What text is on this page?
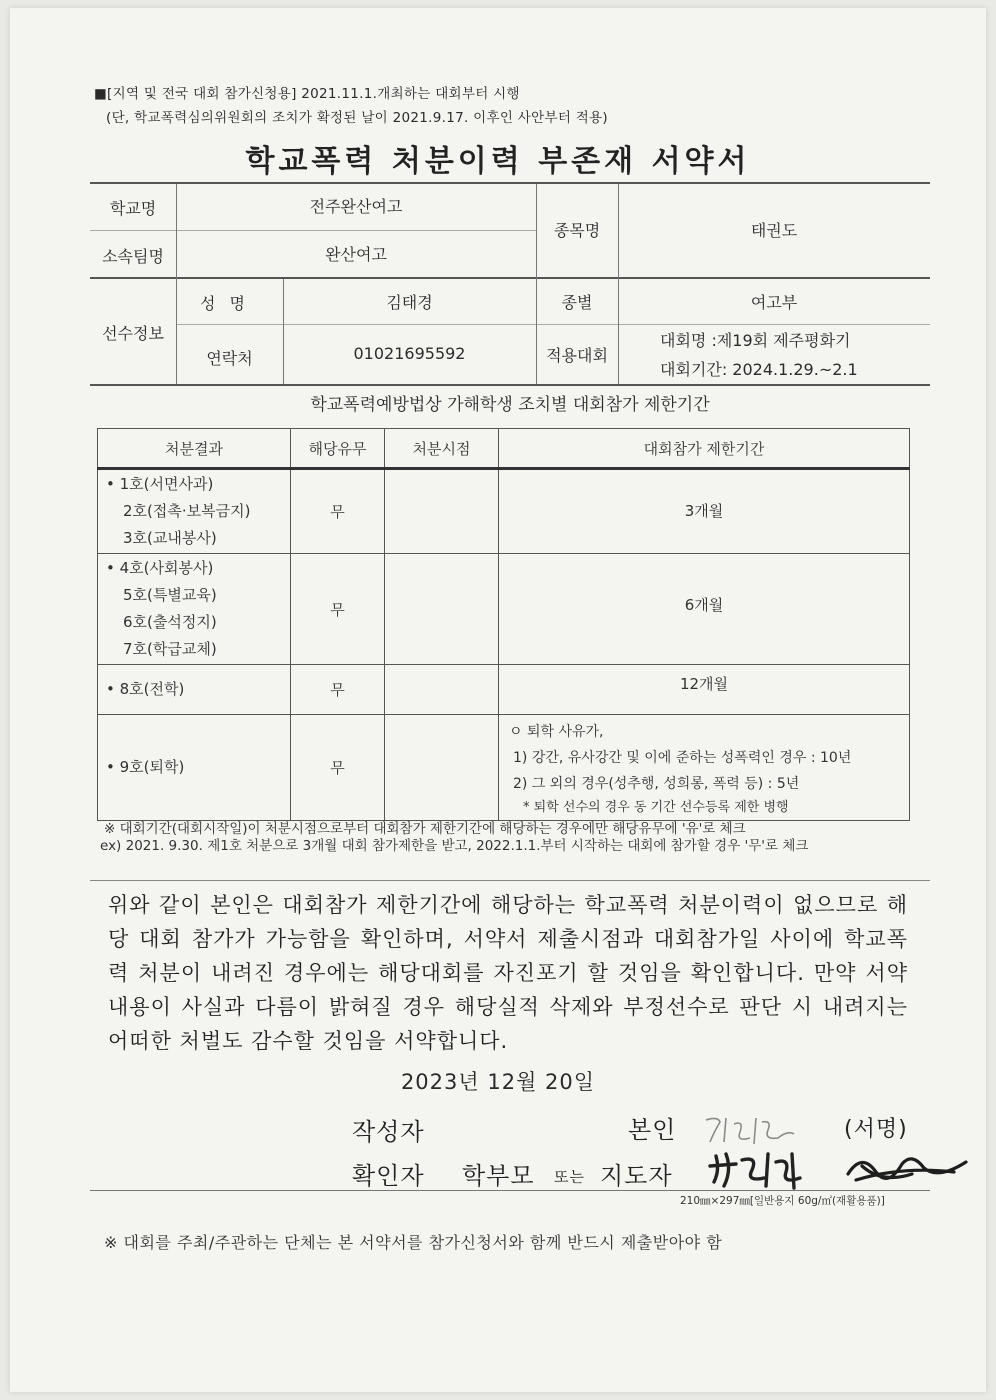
■[지역 및 전국 대회 참가신청용] 2021.11.1.개최하는 대회부터 시행
(단, 학교폭력심의위원회의 조치가 확정된 날이 2021.9.17. 이후인 사안부터 적용)
학교폭력 처분이력 부존재 서약서
학교명	전주완산여고
소속팀명	완산여고
종목명	태권도
선수정보
성명	김태경
연락처	01021695592
종별	여고부
적용대회
대회명 :제19회 제주평화기
대회기간: 2024.1.29.~2.1
학교폭력예방법상 가해학생 조치별 대회참가 제한기간
처분결과	해당유무	처분시점	대회참가 제한기간

• 1호(서면사과)
2호(접촉·보복금지)
3호(교내봉사)	무		3개월

• 4호(사회봉사)
5호(특별교육)
6호(출석정지)
7호(학급교체)	무		6개월

• 8호(전학)	무		12개월

• 9호(퇴학)	무		ㅇ 퇴학 사유가,
1) 강간, 유사강간 및 이에 준하는 성폭력인 경우 : 10년
2) 그 외의 경우(성추행, 성희롱, 폭력 등) : 5년
* 퇴학 선수의 경우 동 기간 선수등록 제한 병행
※ 대회기간(대회시작일)이 처분시점으로부터 대회참가 제한기간에 해당하는 경우에만 해당유무에 '유'로 체크
ex) 2021. 9.30. 제1호 처분으로 3개월 대회 참가제한을 받고, 2022.1.1.부터 시작하는 대회에 참가할 경우 '무'로 체크
위와 같이 본인은 대회참가 제한기간에 해당하는 학교폭력 처분이력이 없으므로 해당 대회 참가가 가능함을 확인하며, 서약서 제출시점과 대회참가일 사이에 학교폭력 처분이 내려진 경우에는 해당대회를 자진포기 할 것임을 확인합니다. 만약 서약내용이 사실과 다름이 밝혀질 경우 해당실적 삭제와 부정선수로 판단 시 내려지는 어떠한 처벌도 감수할 것임을 서약합니다.
2023년 12월 20일
작성자	본인	(서명)
확인자 학부모 또는 지도자
210㎜×297㎜[일반용지 60g/㎡(재활용품)]
※ 대회를 주최/주관하는 단체는 본 서약서를 참가신청서와 함께 반드시 제출받아야 함
